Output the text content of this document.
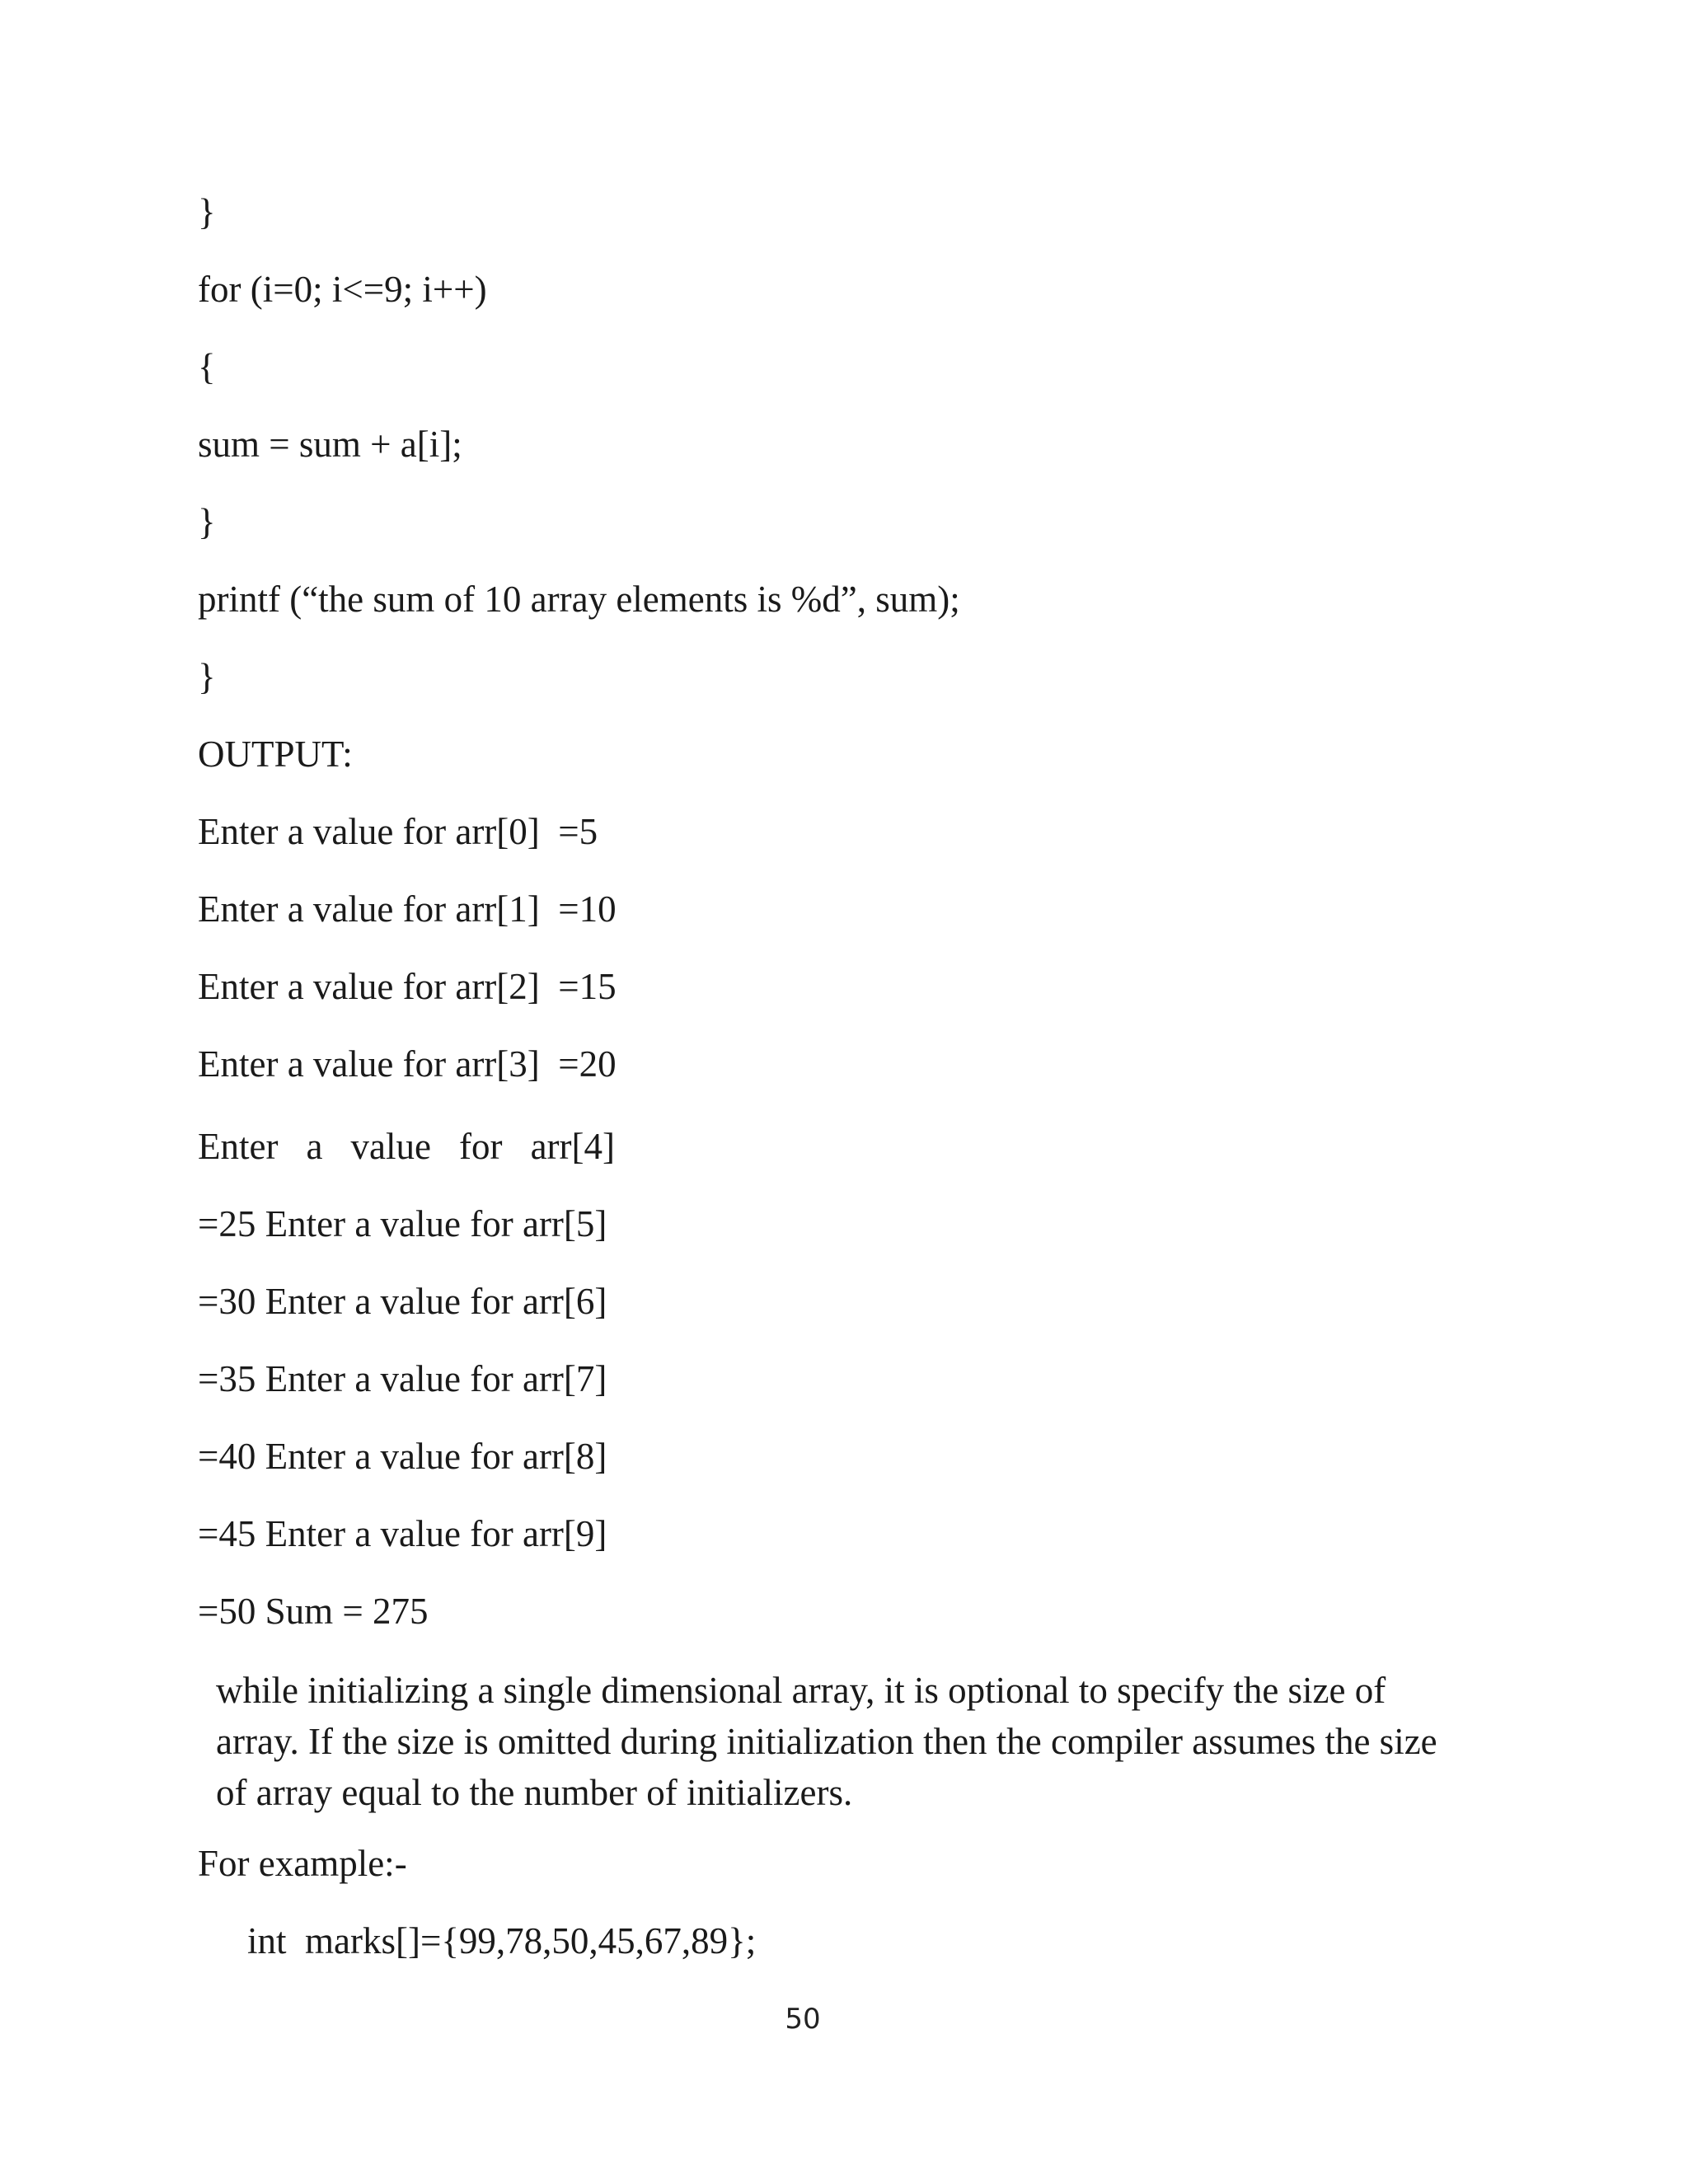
}
for (i=0; i<=9; i++)
{
sum = sum + a[i];
}
printf (“the sum of 10 array elements is %d”, sum);
}
OUTPUT:
Enter a value for arr[0]  =5
Enter a value for arr[1]  =10
Enter a value for arr[2]  =15
Enter a value for arr[3]  =20
Enter a value for arr[4]
=25 Enter a value for arr[5]
=30 Enter a value for arr[6]
=35 Enter a value for arr[7]
=40 Enter a value for arr[8]
=45 Enter a value for arr[9]
=50 Sum = 275
while initializing a single dimensional array, it is optional to specify the size of array. If the size is omitted during initialization then the compiler assumes the size of array equal to the number of initializers.
For example:-
int  marks[]={99,78,50,45,67,89};
50
